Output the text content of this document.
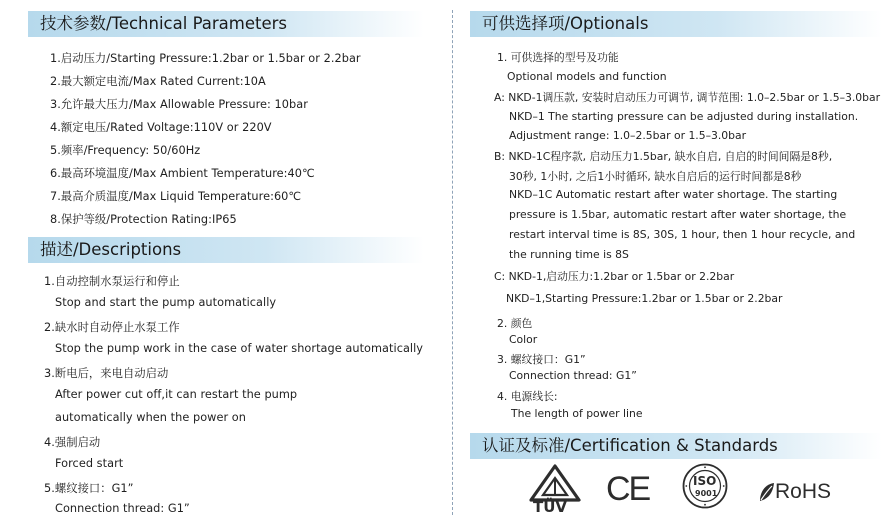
技术参数/Technical Parameters
1.启动压力/Starting Pressure:1.2bar or 1.5bar or 2.2bar
2.最大额定电流/Max Rated Current:10A
3.允许最大压力/Max Allowable Pressure: 10bar
4.额定电压/Rated Voltage:110V or 220V
5.频率/Frequency: 50/60Hz
6.最高环境温度/Max Ambient Temperature:40℃
7.最高介质温度/Max Liquid Temperature:60℃
8.保护等级/Protection Rating:IP65
描述/Descriptions
1.自动控制水泵运行和停止
Stop and start the pump automatically
2.缺水时自动停止水泵工作
Stop the pump work in the case of water shortage automatically
3.断电后，来电自动启动
After power cut off,it can restart the pump
automatically when the power on
4.强制启动
Forced start
5.螺纹接口：G1”
Connection thread: G1”
可供选择项/Optionals
1. 可供选择的型号及功能
Optional models and function
A: NKD-1调压款, 安装时启动压力可调节, 调节范围: 1.0–2.5bar or 1.5–3.0bar
NKD–1 The starting pressure can be adjusted during installation.
Adjustment range: 1.0–2.5bar or 1.5–3.0bar
B: NKD-1C程序款, 启动压力1.5bar, 缺水自启, 自启的时间间隔是8秒,
30秒, 1小时, 之后1小时循环, 缺水自启后的运行时间都是8秒
NKD–1C Automatic restart after water shortage. The starting
pressure is 1.5bar, automatic restart after water shortage, the
restart interval time is 8S, 30S, 1 hour, then 1 hour recycle, and
the running time is 8S
C: NKD-1,启动压力:1.2bar or 1.5bar or 2.2bar
NKD–1,Starting Pressure:1.2bar or 1.5bar or 2.2bar
2. 颜色
Color
3. 螺纹接口：G1”
Connection thread: G1”
4. 电源线长:
The length of power line
认证及标准/Certification & Standards
TÜV CE	ISO
9001	RoHS
